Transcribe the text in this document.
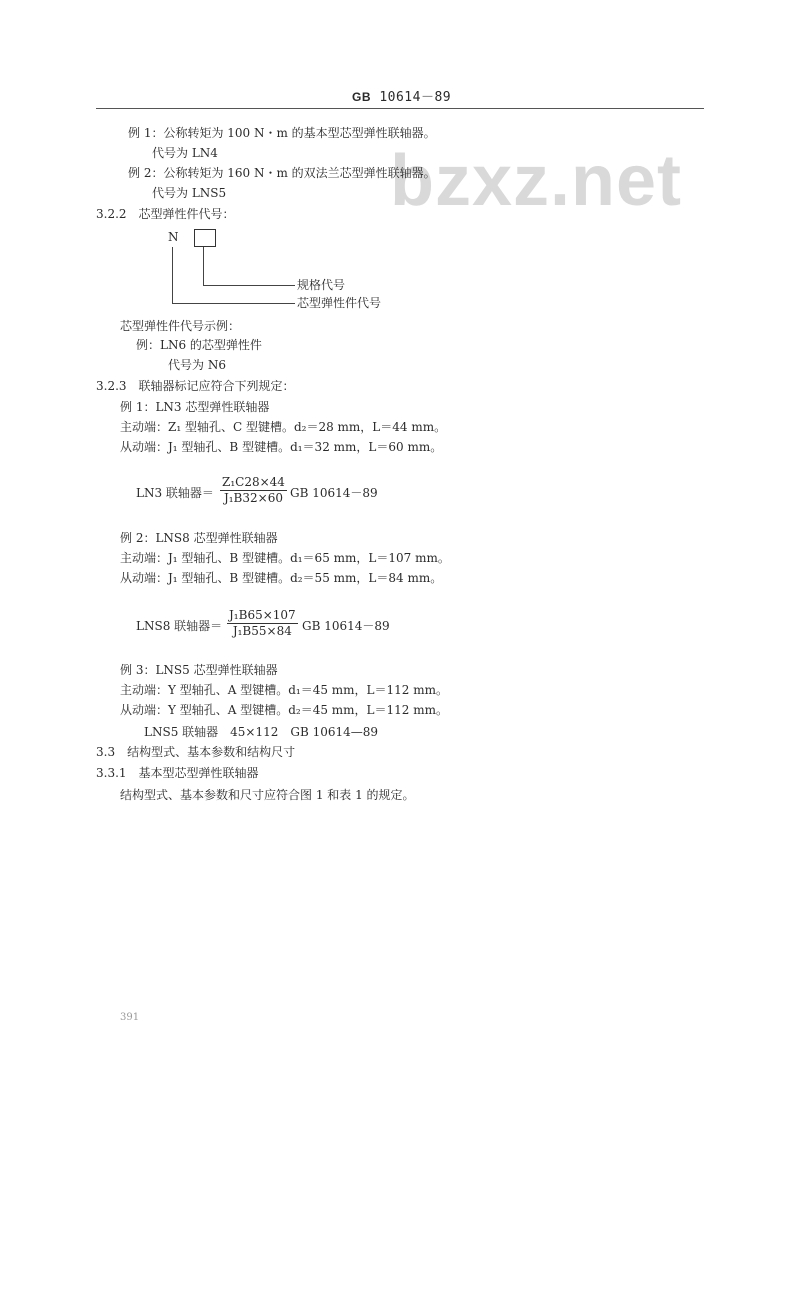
GB 10614－89
bzxz.net
例 1：公称转矩为 100 N・m 的基本型芯型弹性联轴器。
代号为 LN4
例 2：公称转矩为 160 N・m 的双法兰芯型弹性联轴器。
代号为 LNS5
3.2.2　芯型弹性件代号：
N
规格代号
芯型弹性件代号
芯型弹性件代号示例：
例：LN6 的芯型弹性件
代号为 N6
3.2.3　联轴器标记应符合下列规定：
例 1：LN3 芯型弹性联轴器
主动端：Z₁ 型轴孔、C 型键槽。d₂＝28 mm，L＝44 mm。
从动端：J₁ 型轴孔、B 型键槽。d₁＝32 mm，L＝60 mm。
LN3 联轴器＝ $\frac{\text{Z₁C28×44}}{\text{J₁B32×60}}$ GB 10614－89
例 2：LNS8 芯型弹性联轴器
主动端：J₁ 型轴孔、B 型键槽。d₁＝65 mm，L＝107 mm。
从动端：J₁ 型轴孔、B 型键槽。d₂＝55 mm，L＝84 mm。
LNS8 联轴器＝ $\frac{\text{J₁B65×107}}{\text{J₁B55×84}}$ GB 10614－89
例 3：LNS5 芯型弹性联轴器
主动端：Y 型轴孔、A 型键槽。d₁＝45 mm，L＝112 mm。
从动端：Y 型轴孔、A 型键槽。d₂＝45 mm，L＝112 mm。
LNS5 联轴器　45×112　GB 10614—89
3.3　结构型式、基本参数和结构尺寸
3.3.1　基本型芯型弹性联轴器
结构型式、基本参数和尺寸应符合图 1 和表 1 的规定。
391
